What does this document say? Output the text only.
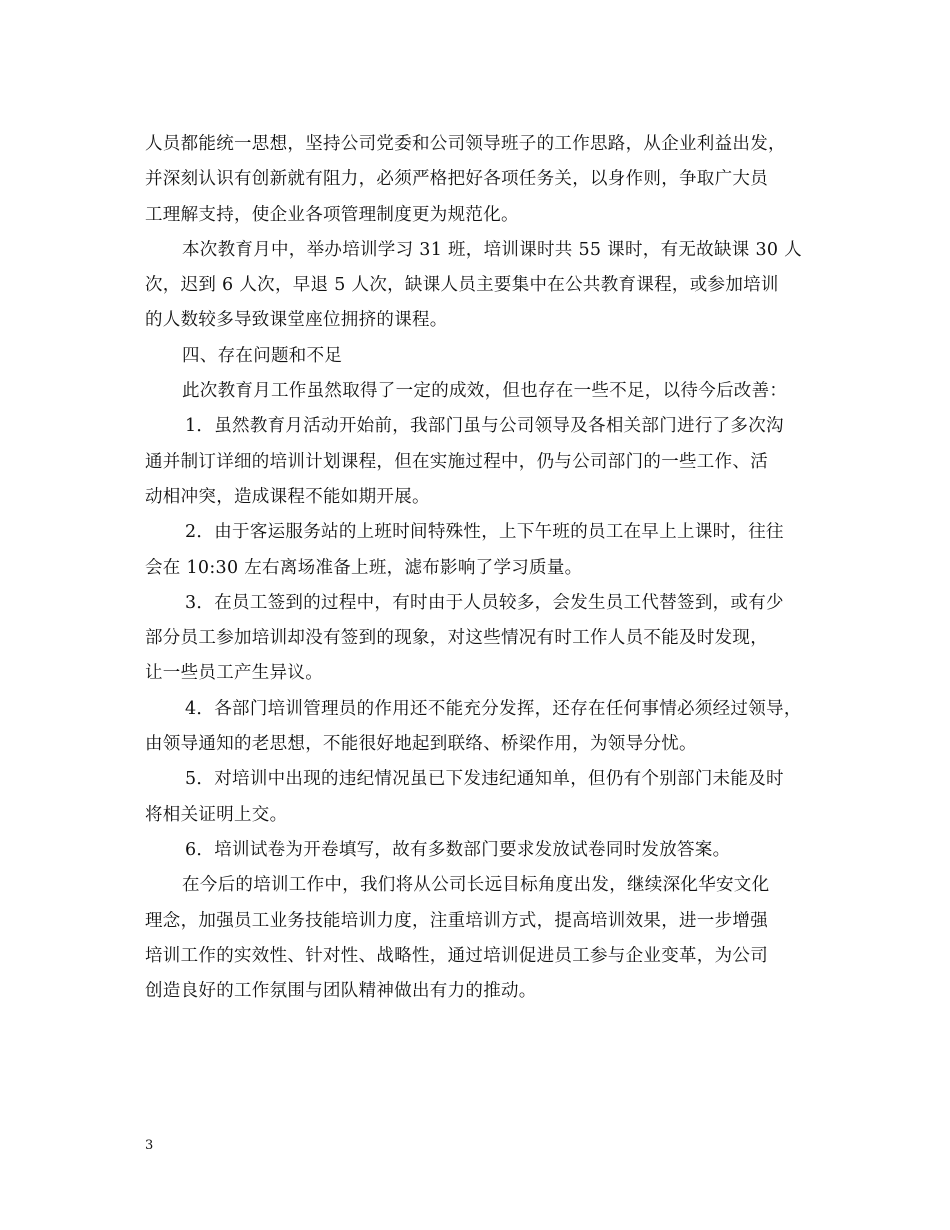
人员都能统一思想，坚持公司党委和公司领导班子的工作思路，从企业利益出发，
并深刻认识有创新就有阻力，必须严格把好各项任务关，以身作则，争取广大员
工理解支持，使企业各项管理制度更为规范化。
本次教育月中，举办培训学习 31 班，培训课时共 55 课时，有无故缺课 30 人
次，迟到 6 人次，早退 5 人次，缺课人员主要集中在公共教育课程，或参加培训
的人数较多导致课堂座位拥挤的课程。
四、存在问题和不足
此次教育月工作虽然取得了一定的成效，但也存在一些不足，以待今后改善：
1．虽然教育月活动开始前，我部门虽与公司领导及各相关部门进行了多次沟
通并制订详细的培训计划课程，但在实施过程中，仍与公司部门的一些工作、活
动相冲突，造成课程不能如期开展。
2．由于客运服务站的上班时间特殊性，上下午班的员工在早上上课时，往往
会在 10:30 左右离场准备上班，滤布影响了学习质量。
3．在员工签到的过程中，有时由于人员较多，会发生员工代替签到，或有少
部分员工参加培训却没有签到的现象，对这些情况有时工作人员不能及时发现，
让一些员工产生异议。
4．各部门培训管理员的作用还不能充分发挥，还存在任何事情必须经过领导，
由领导通知的老思想，不能很好地起到联络、桥梁作用，为领导分忧。
5．对培训中出现的违纪情况虽已下发违纪通知单，但仍有个别部门未能及时
将相关证明上交。
6．培训试卷为开卷填写，故有多数部门要求发放试卷同时发放答案。
在今后的培训工作中，我们将从公司长远目标角度出发，继续深化华安文化
理念，加强员工业务技能培训力度，注重培训方式，提高培训效果，进一步增强
培训工作的实效性、针对性、战略性，通过培训促进员工参与企业变革，为公司
创造良好的工作氛围与团队精神做出有力的推动。
3
